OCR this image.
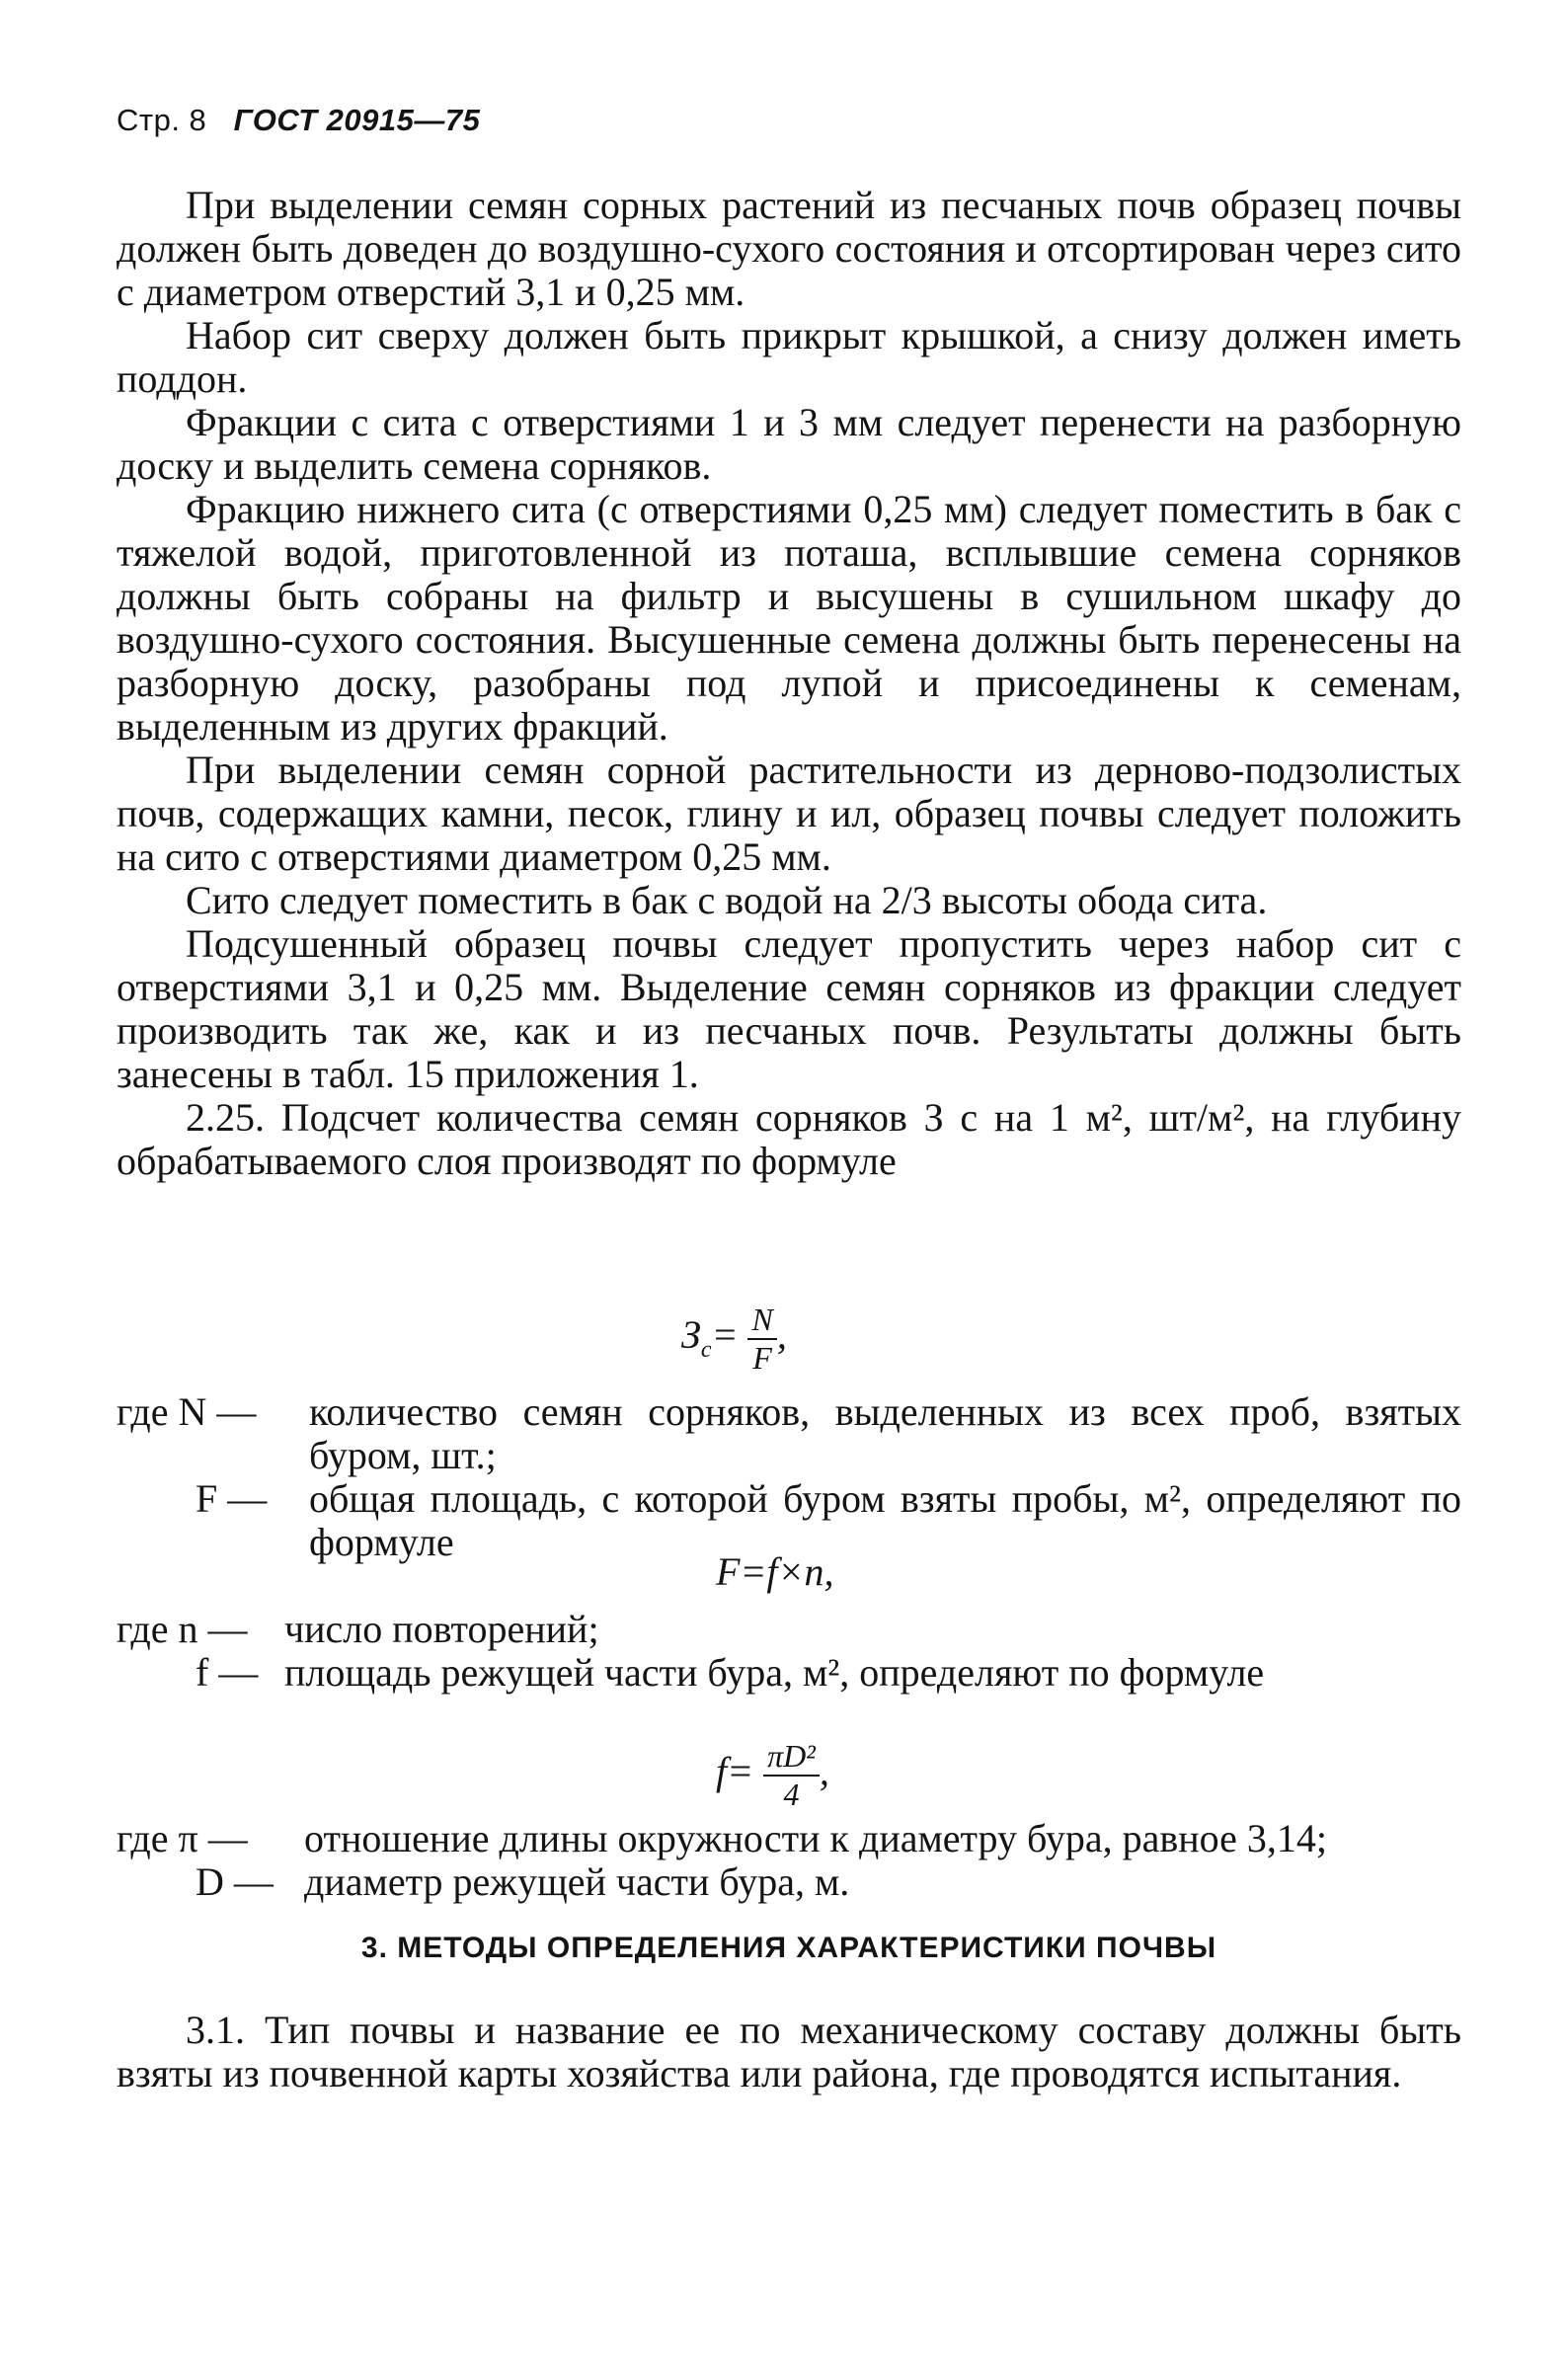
Стр. 8 ГОСТ 20915—75

При выделении семян сорных растений из песчаных почв образец почвы должен быть доведен до воздушно-сухого состояния и отсортирован через сито с диаметром отверстий 3,1 и 0,25 мм.

Набор сит сверху должен быть прикрыт крышкой, а снизу должен иметь поддон.

Фракции с сита с отверстиями 1 и 3 мм следует перенести на разборную доску и выделить семена сорняков.

Фракцию нижнего сита (с отверстиями 0,25 мм) следует поместить в бак с тяжелой водой, приготовленной из поташа, всплывшие семена сорняков должны быть собраны на фильтр и высушены в сушильном шкафу до воздушно-сухого состояния. Высушенные семена должны быть перенесены на разборную доску, разобраны под лупой и присоединены к семенам, выделенным из других фракций.

При выделении семян сорной растительности из дерново-подзолистых почв, содержащих камни, песок, глину и ил, образец почвы следует положить на сито с отверстиями диаметром 0,25 мм.

Сито следует поместить в бак с водой на 2/3 высоты обода сита.

Подсушенный образец почвы следует пропустить через набор сит с отверстиями 3,1 и 0,25 мм. Выделение семян сорняков из фракции следует производить так же, как и из песчаных почв. Результаты должны быть занесены в табл. 15 приложения 1.

2.25. Подсчет количества семян сорняков З с на 1 м², шт/м², на глубину обрабатываемого слоя производят по формуле

$З_с= \frac{N}{F}$ ,
где N — количество семян сорняков, выделенных из всех проб, взятых буром, шт.;
F — общая площадь, с которой буром взяты пробы, м², определяют по формуле
F=f×n,
где n — число повторений;
f — площадь режущей части бура, м², определяют по формуле
$f= \frac{\text{πD²}}{4}$ ,
где π — отношение длины окружности к диаметру бура, равное 3,14;
D — диаметр режущей части бура, м.
3. МЕТОДЫ ОПРЕДЕЛЕНИЯ ХАРАКТЕРИСТИКИ ПОЧВЫ
3.1. Тип почвы и название ее по механическому составу должны быть взяты из почвенной карты хозяйства или района, где проводятся испытания.
